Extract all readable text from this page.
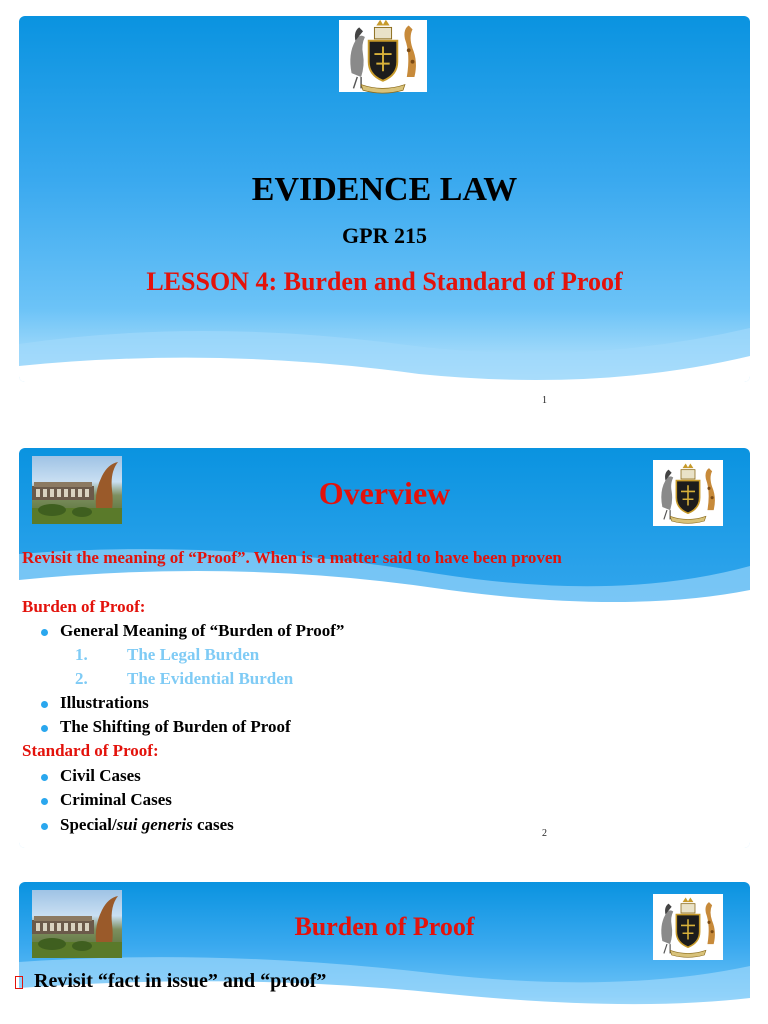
EVIDENCE LAW
GPR 215
LESSON 4: Burden and Standard of Proof
1
Overview
Revisit the meaning of “Proof”. When is a matter said to have been proven
Burden of Proof:
General Meaning of “Burden of Proof”
1. The Legal Burden
2. The Evidential Burden
Illustrations
The Shifting of Burden of Proof
Standard of Proof:
Civil Cases
Criminal Cases
Special/sui generis cases	2
Burden of Proof
Revisit “fact in issue” and “proof”
